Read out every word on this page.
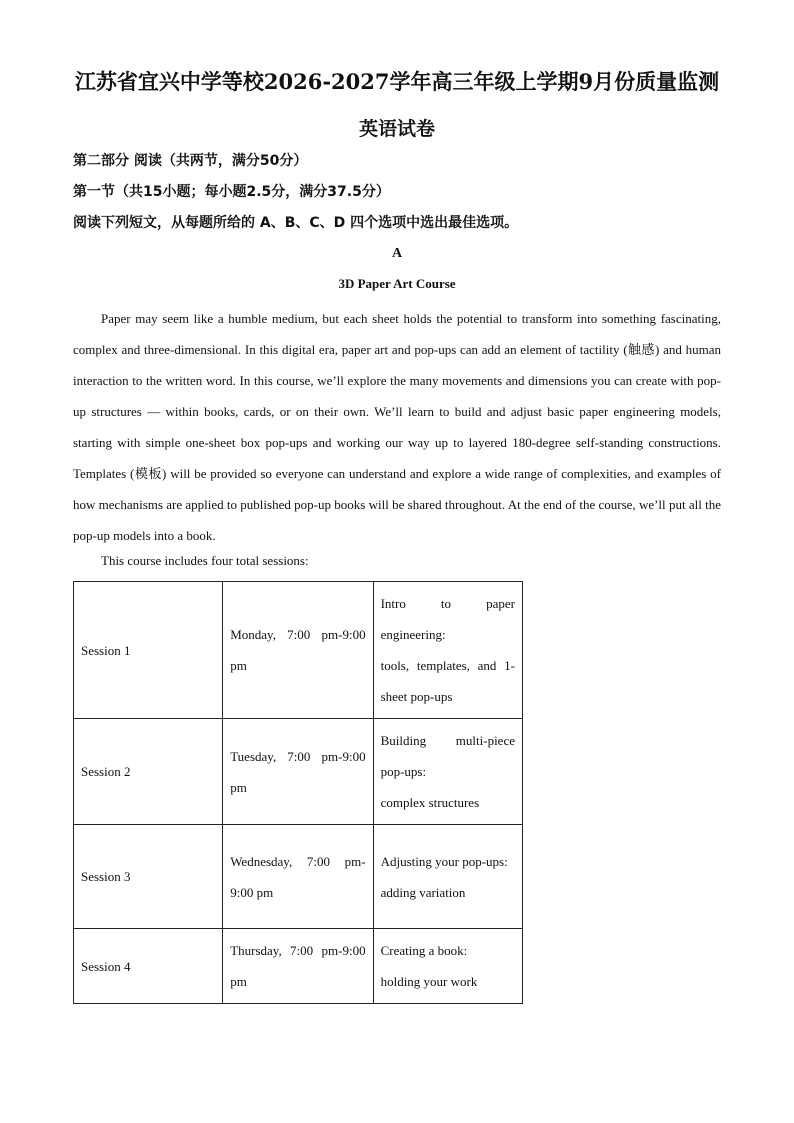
江苏省宜兴中学等校2026-2027学年高三年级上学期9月份质量监测
英语试卷
第二部分 阅读（共两节，满分50分）
第一节（共15小题；每小题2.5分，满分37.5分）
阅读下列短文，从每题所给的 A、B、C、D 四个选项中选出最佳选项。
A
3D Paper Art Course

Paper may seem like a humble medium, but each sheet holds the potential to transform into something fascinating, complex and three-dimensional. In this digital era, paper art and pop-ups can add an element of tactility (触感) and human interaction to the written word. In this course, we’ll explore the many movements and dimensions you can create with pop-up structures — within books, cards, or on their own. We’ll learn to build and adjust basic paper engineering models, starting with simple one-sheet box pop-ups and working our way up to layered 180-degree self-standing constructions. Templates (模板) will be provided so everyone can understand and explore a wide range of complexities, and examples of how mechanisms are applied to published pop-up books will be shared throughout. At the end of the course, we’ll put all the pop-up models into a book.

This course includes four total sessions:
Session 1	Monday, 7:00 pm-9:00 pm	Intro to paper engineering:
tools, templates, and 1-sheet pop-ups
Session 2	Tuesday, 7:00 pm-9:00 pm	Building multi-piece pop-ups:
complex structures
Session 3	Wednesday, 7:00 pm-9:00 pm	Adjusting your pop-ups:
adding variation
Session 4	Thursday, 7:00 pm-9:00 pm	Creating a book:
holding your work
